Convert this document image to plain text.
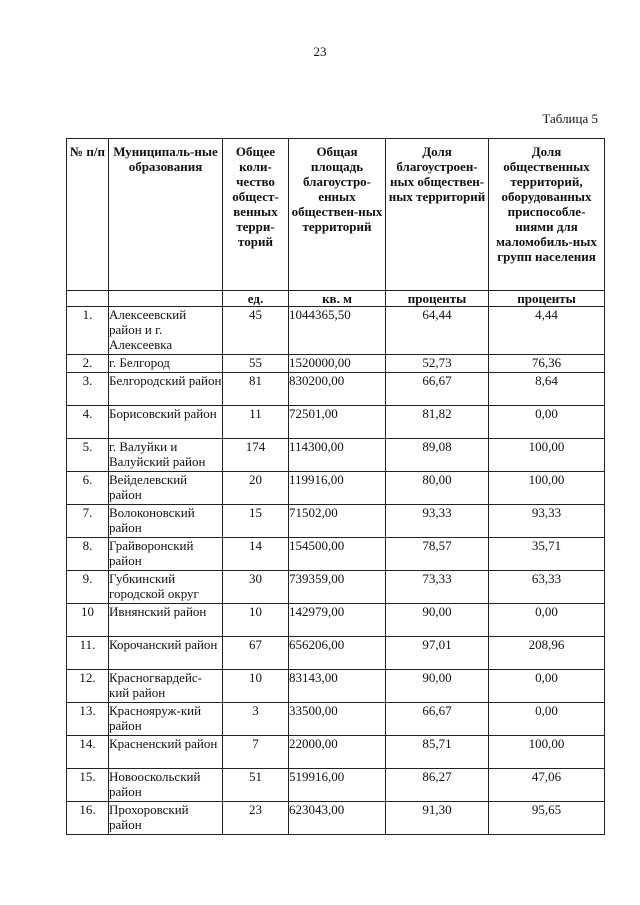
23
Таблица 5
№ п/п	Муниципаль-ные образования	Общее коли-чество общест-венных терри-торий	Общая площадь благоустро-енных обществен-ных территорий	Доля благоустроен-ных обществен-ных территорий	Доля общественных территорий, оборудованных приспособле-ниями для маломобиль-ных групп населения
		ед.	кв. м	проценты	проценты
1.	Алексеевский район и г. Алексеевка	45	1044365,50	64,44	4,44
2.	г. Белгород	55	1520000,00	52,73	76,36
3.	Белгородский район	81	830200,00	66,67	8,64
4.	Борисовский район	11	72501,00	81,82	0,00
5.	г. Валуйки и Валуйский район	174	114300,00	89,08	100,00
6.	Вейделевский район	20	119916,00	80,00	100,00
7.	Волоконовский район	15	71502,00	93,33	93,33
8.	Грайворонский район	14	154500,00	78,57	35,71
9.	Губкинский городской округ	30	739359,00	73,33	63,33
10	Ивнянский район	10	142979,00	90,00	0,00
11.	Корочанский район	67	656206,00	97,01	208,96
12.	Красногвардейс-кий район	10	83143,00	90,00	0,00
13.	Краснояруж-кий район	3	33500,00	66,67	0,00
14.	Красненский район	7	22000,00	85,71	100,00
15.	Новооскольский район	51	519916,00	86,27	47,06
16.	Прохоровский район	23	623043,00	91,30	95,65
